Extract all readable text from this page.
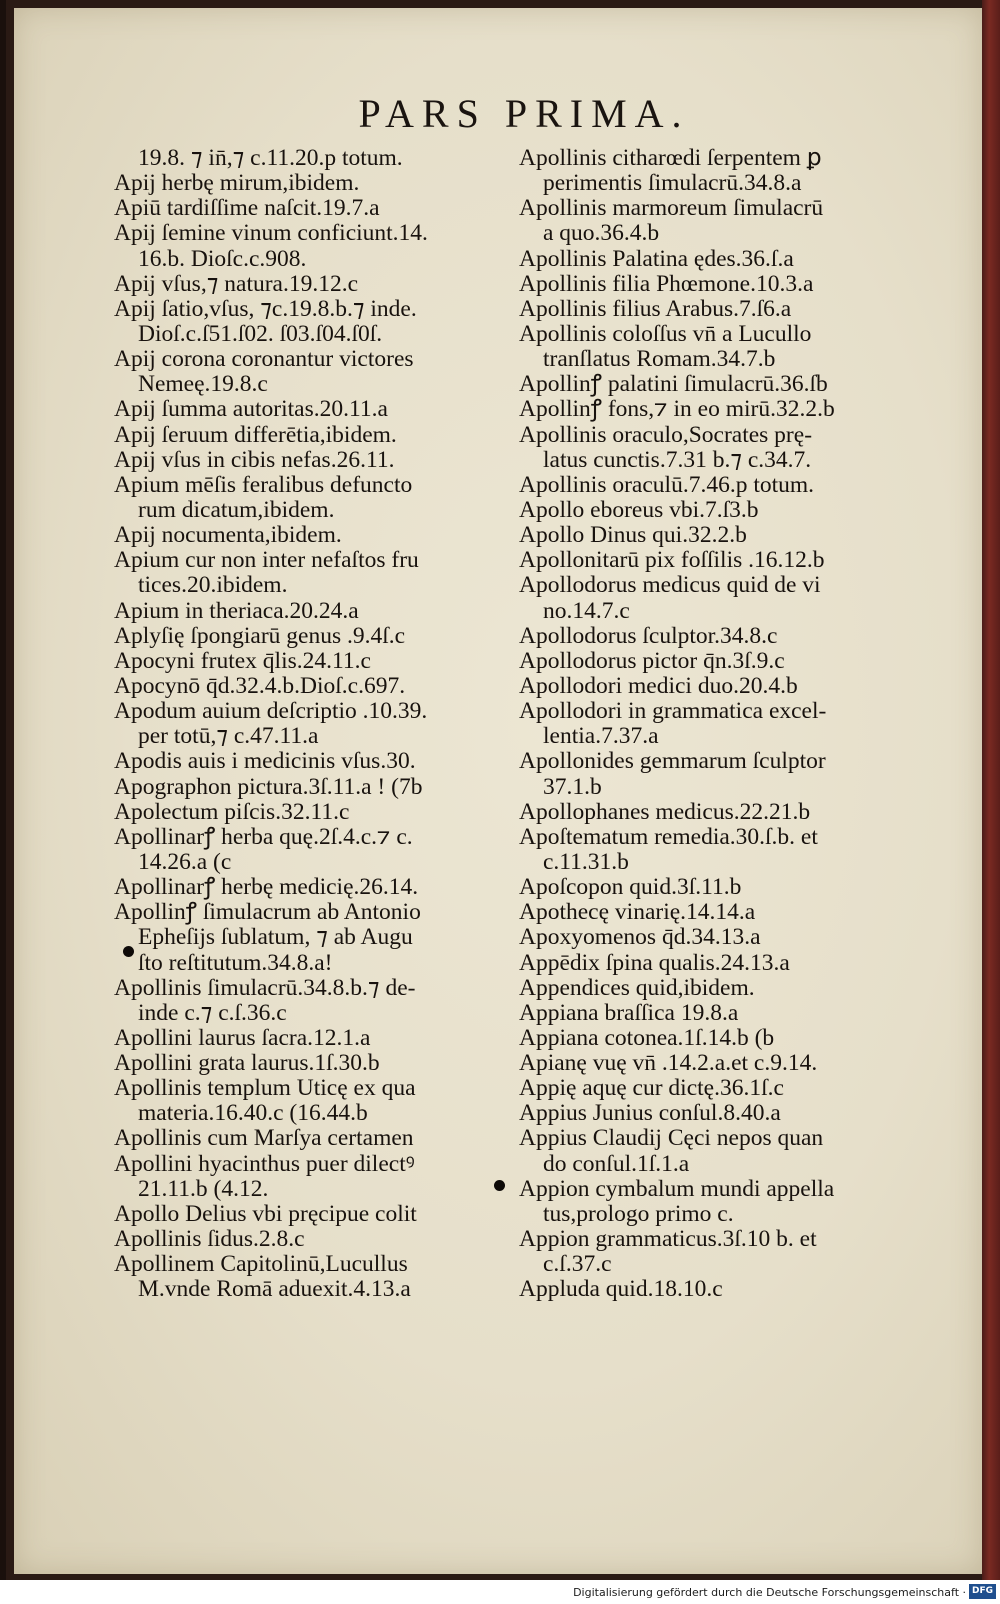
PARS PRIMA.
19.8. ⁊ in̄,⁊ c.11.20.p totum.
Apij herbę mirum,ibidem.
Apiū tardiſſime naſcit.19.7.a
Apij ſemine vinum conficiunt.14.
16.b. Dioſc.c.908.
Apij vſus,⁊ natura.19.12.c
Apij ſatio,vſus, ⁊c.19.8.b.⁊ inde.
Dioſ.c.ſ51.ſ02. ſ03.ſ04.ſ0ſ.
Apij corona coronantur victores
Nemeę.19.8.c
Apij ſumma autoritas.20.11.a
Apij ſeruum differētia,ibidem.
Apij vſus in cibis nefas.26.11.
Apium mēſis feralibus defuncto
rum dicatum,ibidem.
Apij nocumenta,ibidem.
Apium cur non inter nefaſtos fru
tices.20.ibidem.
Apium in theriaca.20.24.a
Aplyſię ſpongiarū genus .9.4ſ.c
Apocyni frutex q̄lis.24.11.c
Apocynō q̄d.32.4.b.Dioſ.c.697.
Apodum auium deſcriptio .10.39.
per totū,⁊ c.47.11.a
Apodis auis i medicinis vſus.30.
Apographon pictura.3ſ.11.a ! (7b
Apolectum piſcis.32.11.c
Apollinarꝭ herba quę.2ſ.4.c.⁊ c.
14.26.a (c
Apollinarꝭ herbę medicię.26.14.
Apollinꝭ ſimulacrum ab Antonio
Epheſijs ſublatum, ⁊ ab Augu
ſto reſtitutum.34.8.a!
Apollinis ſimulacrū.34.8.b.⁊ de-
inde c.⁊ c.ſ.36.c
Apollini laurus ſacra.12.1.a
Apollini grata laurus.1ſ.30.b
Apollinis templum Uticę ex qua
materia.16.40.c (16.44.b
Apollinis cum Marſya certamen
Apollini hyacinthus puer dilectꝰ
21.11.b (4.12.
Apollo Delius vbi pręcipue colit
Apollinis ſidus.2.8.c
Apollinem Capitolinū,Lucullus
M.vnde Romā aduexit.4.13.a
Apollinis citharœdi ſerpentem ꝑ
perimentis ſimulacrū.34.8.a
Apollinis marmoreum ſimulacrū
a quo.36.4.b
Apollinis Palatina ędes.36.ſ.a
Apollinis filia Phœmone.10.3.a
Apollinis filius Arabus.7.ſ6.a
Apollinis coloſſus vn̄ a Lucullo
tranſlatus Romam.34.7.b
Apollinꝭ palatini ſimulacrū.36.ſb
Apollinꝭ fons,⁊ in eo mirū.32.2.b
Apollinis oraculo,Socrates prę-
latus cunctis.7.31 b.⁊ c.34.7.
Apollinis oraculū.7.46.p totum.
Apollo eboreus vbi.7.ſ3.b
Apollo Dinus qui.32.2.b
Apollonitarū pix foſſilis .16.12.b
Apollodorus medicus quid de vi
no.14.7.c
Apollodorus ſculptor.34.8.c
Apollodorus pictor q̄n.3ſ.9.c
Apollodori medici duo.20.4.b
Apollodori in grammatica excel-
lentia.7.37.a
Apollonides gemmarum ſculptor
37.1.b
Apollophanes medicus.22.21.b
Apoſtematum remedia.30.ſ.b. et
c.11.31.b
Apoſcopon quid.3ſ.11.b
Apothecę vinarię.14.14.a
Apoxyomenos q̄d.34.13.a
Appēdix ſpina qualis.24.13.a
Appendices quid,ibidem.
Appiana braſſica 19.8.a
Appiana cotonea.1ſ.14.b (b
Apianę vuę vn̄ .14.2.a.et c.9.14.
Appię aquę cur dictę.36.1ſ.c
Appius Junius conſul.8.40.a
Appius Claudij Cęci nepos quan
do conſul.1ſ.1.a
Appion cymbalum mundi appella
tus,prologo primo c.
Appion grammaticus.3ſ.10 b. et
c.ſ.37.c
Appluda quid.18.10.c
Digitalisierung gefördert durch die Deutsche Forschungsgemeinschaft · DFG
